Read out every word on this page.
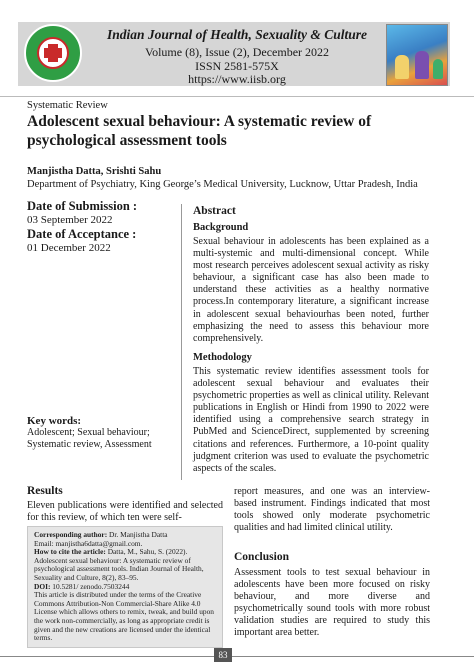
Indian Journal of Health, Sexuality & Culture
Volume (8), Issue (2), December 2022
ISSN 2581-575X
https://www.iisb.org
Systematic Review
Adolescent sexual behaviour: A systematic review of psychological assessment tools
Manjistha Datta, Srishti Sahu
Department of Psychiatry, King George’s Medical University, Lucknow, Uttar Pradesh, India
Date of Submission :
03 September 2022
Date of Acceptance :
01 December 2022
Abstract
Background
Sexual behaviour in adolescents has been explained as a multi-systemic and multi-dimensional concept. While most research perceives adolescent sexual activity as risky behaviour, a significant case has also been made to understand these activities as a healthy normative process.In contemporary literature, a significant increase in adolescent sexual behaviourhas been noted, further emphasizing the need to assess this behaviour more comprehensively.
Methodology
This systematic review identifies assessment tools for adolescent sexual behaviour and evaluates their psychometric properties as well as clinical utility. Relevant publications in English or Hindi from 1990 to 2022 were identified using a comprehensive search strategy in PubMed and ScienceDirect, supplemented by screening citations and references. Furthermore, a 10-point quality judgment criterion was used to evaluate the psychometric aspects of the scales.
Key words:
Adolescent; Sexual behaviour; Systematic review, Assessment
Results
Eleven publications were identified and selected for this review, of which ten were self-
report measures, and one was an interview-based instrument. Findings indicated that most tools showed only moderate psychometric qualities and had limited clinical utility.
Conclusion
Assessment tools to test sexual behaviour in adolescents have been more focused on risky behaviour, and more diverse and psychometrically sound tools with more robust validation studies are required to study this important area better.
Corresponding author: Dr. Manjistha Datta
Email: manjistha6datta@gmail.com.
How to cite the article: Datta, M., Sahu, S. (2022). Adolescent sexual behaviour: A systematic review of psychological assessment tools. Indian Journal of Health, Sexuality and Culture, 8(2), 83–95.
DOI: 10.5281/ zenodo.7503244
This article is distributed under the terms of the Creative Commons Attribution-Non Commercial-Share Alike 4.0 License which allows others to remix, tweak, and build upon the work non-commercially, as long as appropriate credit is given and the new creations are licensed under the identical terms.
83
